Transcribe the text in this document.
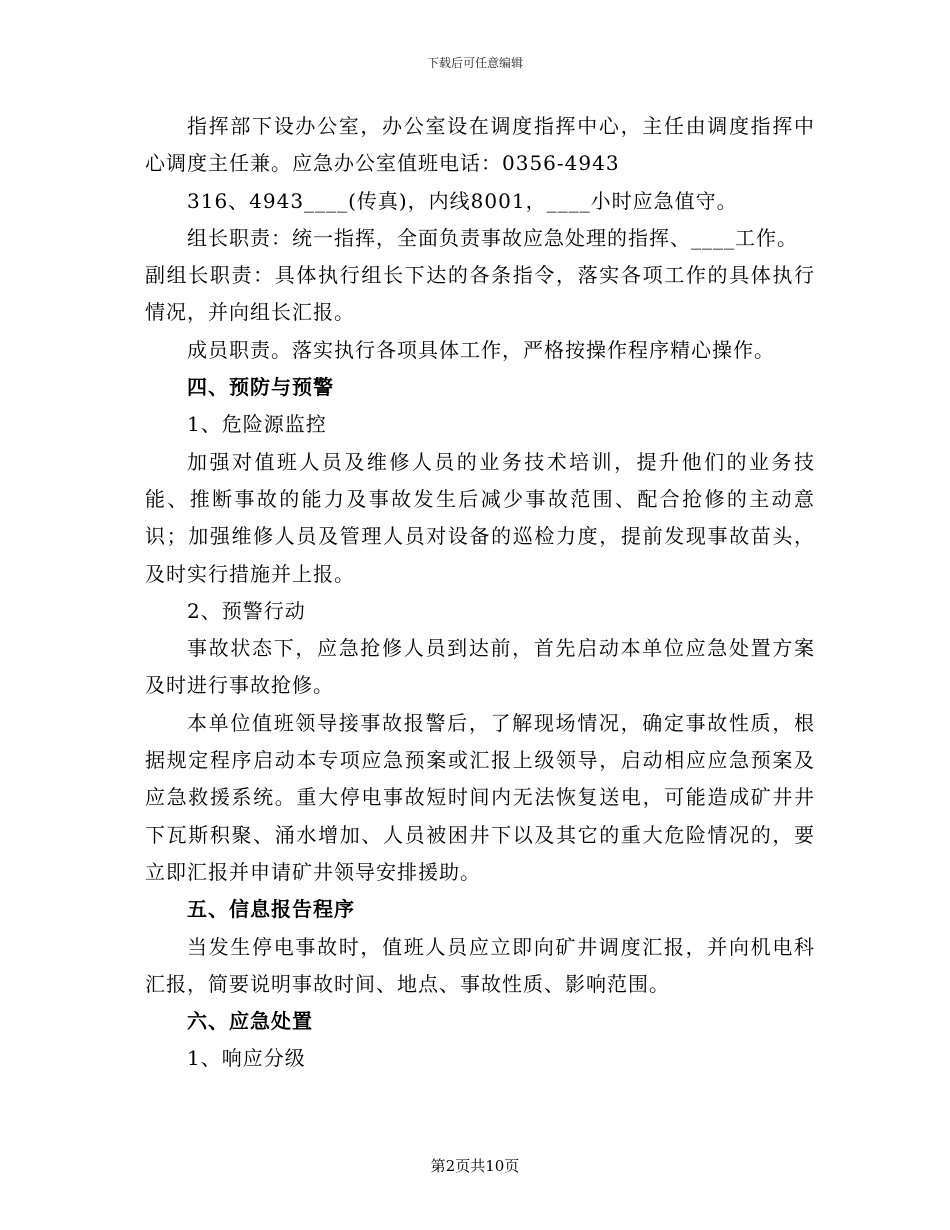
下载后可任意编辑

指挥部下设办公室，办公室设在调度指挥中心，主任由调度指挥中心调度主任兼。应急办公室值班电话：0356-4943

316、4943____(传真)，内线8001，____小时应急值守。

组长职责：统一指挥，全面负责事故应急处理的指挥、____工作。

副组长职责：具体执行组长下达的各条指令，落实各项工作的具体执行情况，并向组长汇报。

成员职责。落实执行各项具体工作，严格按操作程序精心操作。

四、预防与预警

1、危险源监控

加强对值班人员及维修人员的业务技术培训，提升他们的业务技能、推断事故的能力及事故发生后减少事故范围、配合抢修的主动意识；加强维修人员及管理人员对设备的巡检力度，提前发现事故苗头，及时实行措施并上报。

2、预警行动

事故状态下，应急抢修人员到达前，首先启动本单位应急处置方案及时进行事故抢修。

本单位值班领导接事故报警后，了解现场情况，确定事故性质，根据规定程序启动本专项应急预案或汇报上级领导，启动相应应急预案及应急救援系统。重大停电事故短时间内无法恢复送电，可能造成矿井井下瓦斯积聚、涌水增加、人员被困井下以及其它的重大危险情况的，要立即汇报并申请矿井领导安排援助。

五、信息报告程序

当发生停电事故时，值班人员应立即向矿井调度汇报，并向机电科汇报，简要说明事故时间、地点、事故性质、影响范围。

六、应急处置

1、响应分级

第2页共10页
